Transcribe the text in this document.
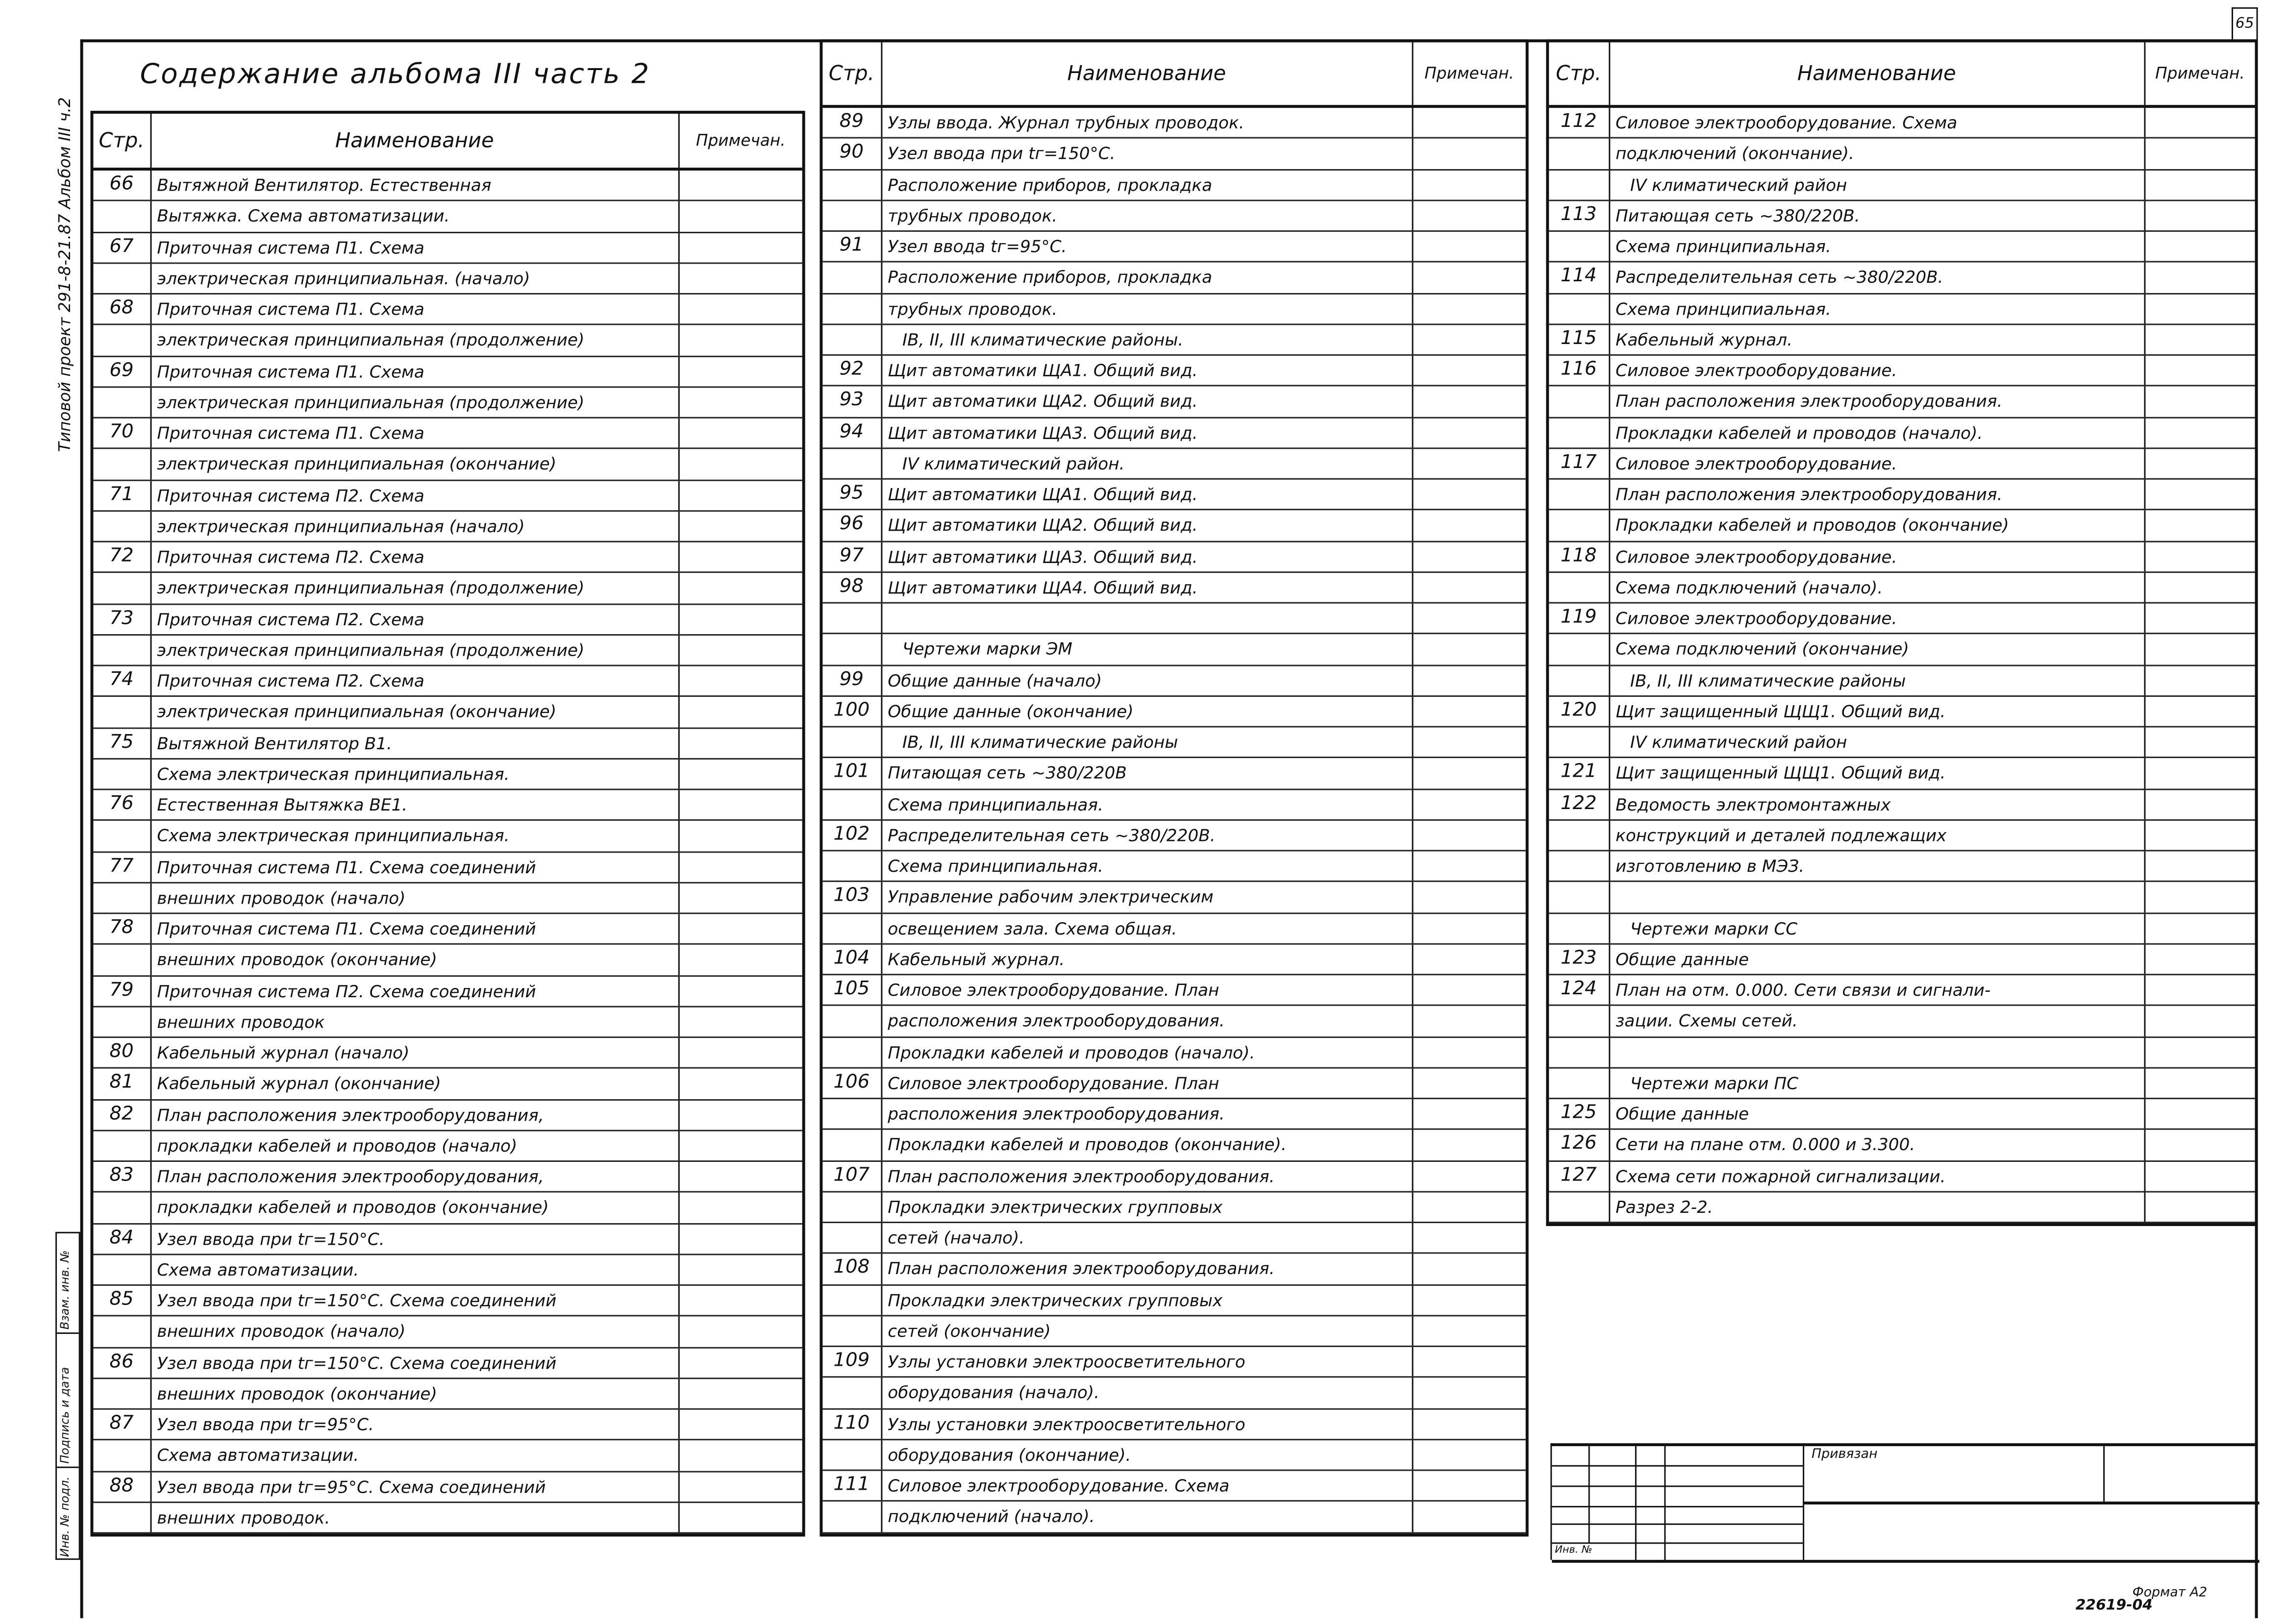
65
Типовой проект 291-8-21.87 Альбом III ч.2
Инв. № подл.
Подпись и дата
Взам. инв. №
Содержание альбома III часть 2
Стр.	Наименование	Примечан.
66	Вытяжной Вентилятор. Естественная
Вытяжка. Схема автоматизации.
67	Приточная система П1. Схема
электрическая принципиальная. (начало)
68	Приточная система П1. Схема
электрическая принципиальная (продолжение)
69	Приточная система П1. Схема
электрическая принципиальная (продолжение)
70	Приточная система П1. Схема
электрическая принципиальная (окончание)
71	Приточная система П2. Схема
электрическая принципиальная (начало)
72	Приточная система П2. Схема
электрическая принципиальная (продолжение)
73	Приточная система П2. Схема
электрическая принципиальная (продолжение)
74	Приточная система П2. Схема
электрическая принципиальная (окончание)
75	Вытяжной Вентилятор В1.
Схема электрическая принципиальная.
76	Естественная Вытяжка ВЕ1.
Схема электрическая принципиальная.
77	Приточная система П1. Схема соединений
внешних проводок (начало)
78	Приточная система П1. Схема соединений
внешних проводок (окончание)
79	Приточная система П2. Схема соединений
внешних проводок
80	Кабельный журнал (начало)
81	Кабельный журнал (окончание)
82	План расположения электрооборудования,
прокладки кабелей и проводов (начало)
83	План расположения электрооборудования,
прокладки кабелей и проводов (окончание)
84	Узел ввода при tг=150°С.
Схема автоматизации.
85	Узел ввода при tг=150°С. Схема соединений
внешних проводок (начало)
86	Узел ввода при tг=150°С. Схема соединений
внешних проводок (окончание)
87	Узел ввода при tг=95°С.
Схема автоматизации.
88	Узел ввода при tг=95°С. Схема соединений
внешних проводок.
Стр.	Наименование	Примечан.
89	Узлы ввода. Журнал трубных проводок.
90	Узел ввода при tг=150°С.
Расположение приборов, прокладка
трубных проводок.
91	Узел ввода tг=95°С.
Расположение приборов, прокладка
трубных проводок.
IВ, II, III климатические районы.
92	Щит автоматики ЩА1. Общий вид.
93	Щит автоматики ЩА2. Общий вид.
94	Щит автоматики ЩА3. Общий вид.
IV климатический район.
95	Щит автоматики ЩА1. Общий вид.
96	Щит автоматики ЩА2. Общий вид.
97	Щит автоматики ЩА3. Общий вид.
98	Щит автоматики ЩА4. Общий вид.
Чертежи марки ЭМ
99	Общие данные (начало)
100	Общие данные (окончание)
IВ, II, III климатические районы
101	Питающая сеть ~380/220В
Схема принципиальная.
102	Распределительная сеть ~380/220В.
Схема принципиальная.
103	Управление рабочим электрическим
освещением зала. Схема общая.
104	Кабельный журнал.
105	Силовое электрооборудование. План
расположения электрооборудования.
Прокладки кабелей и проводов (начало).
106	Силовое электрооборудование. План
расположения электрооборудования.
Прокладки кабелей и проводов (окончание).
107	План расположения электрооборудования.
Прокладки электрических групповых
сетей (начало).
108	План расположения электрооборудования.
Прокладки электрических групповых
сетей (окончание)
109	Узлы установки электроосветительного
оборудования (начало).
110	Узлы установки электроосветительного
оборудования (окончание).
111	Силовое электрооборудование. Схема
подключений (начало).
Стр.	Наименование	Примечан.
112	Силовое электрооборудование. Схема
подключений (окончание).
IV климатический район
113	Питающая сеть ~380/220В.
Схема принципиальная.
114	Распределительная сеть ~380/220В.
Схема принципиальная.
115	Кабельный журнал.
116	Силовое электрооборудование.
План расположения электрооборудования.
Прокладки кабелей и проводов (начало).
117	Силовое электрооборудование.
План расположения электрооборудования.
Прокладки кабелей и проводов (окончание)
118	Силовое электрооборудование.
Схема подключений (начало).
119	Силовое электрооборудование.
Схема подключений (окончание)
IВ, II, III климатические районы
120	Щит защищенный ЩЩ1. Общий вид.
IV климатический район
121	Щит защищенный ЩЩ1. Общий вид.
122	Ведомость электромонтажных
конструкций и деталей подлежащих
изготовлению в МЭЗ.
Чертежи марки СС
123	Общие данные
124	План на отм. 0.000. Сети связи и сигнали-
зации. Схемы сетей.
Чертежи марки ПС
125	Общие данные
126	Сети на плане отм. 0.000 и 3.300.
127	Схема сети пожарной сигнализации.
Разрез 2-2.
Привязан
Инв. №
22619-04
Формат А2
